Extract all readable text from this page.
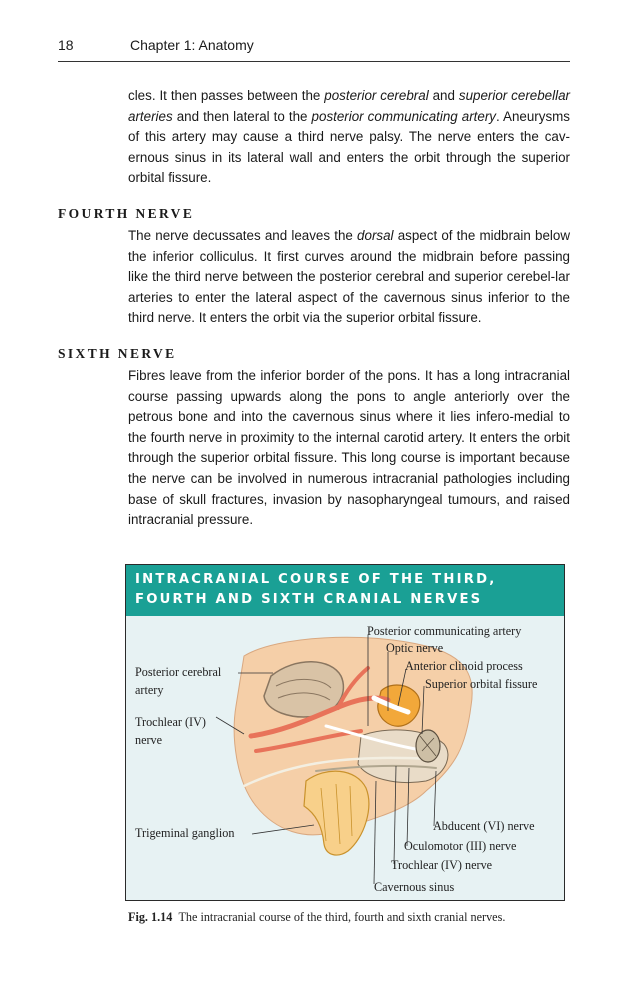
18	Chapter 1: Anatomy

cles. It then passes between the posterior cerebral and superior cerebellar arteries and then lateral to the posterior communicating artery. Aneurysms of this artery may cause a third nerve palsy. The nerve enters the cav-ernous sinus in its lateral wall and enters the orbit through the superior orbital fissure.

FOURTH NERVE

The nerve decussates and leaves the dorsal aspect of the midbrain below the inferior colliculus. It first curves around the midbrain before passing like the third nerve between the posterior cerebral and superior cerebel-lar arteries to enter the lateral aspect of the cavernous sinus inferior to the third nerve. It enters the orbit via the superior orbital fissure.

SIXTH NERVE

Fibres leave from the inferior border of the pons. It has a long intracranial course passing upwards along the pons to angle anteriorly over the petrous bone and into the cavernous sinus where it lies infero-medial to the fourth nerve in proximity to the internal carotid artery. It enters the orbit through the superior orbital fissure. This long course is important because the nerve can be involved in numerous intracranial pathologies including base of skull fractures, invasion by nasopharyngeal tumours, and raised intracranial pressure.

INTRACRANIAL COURSE OF THE THIRD,
FOURTH AND SIXTH CRANIAL NERVES
Posterior communicating artery
Optic nerve
Anterior clinoid process
Superior orbital fissure
Posterior cerebral
artery
Trochlear (IV)
nerve
Trigeminal ganglion	Abducent (VI) nerve
Oculomotor (III) nerve
Trochlear (IV) nerve
Cavernous sinus
Fig. 1.14 The intracranial course of the third, fourth and sixth cranial nerves.
